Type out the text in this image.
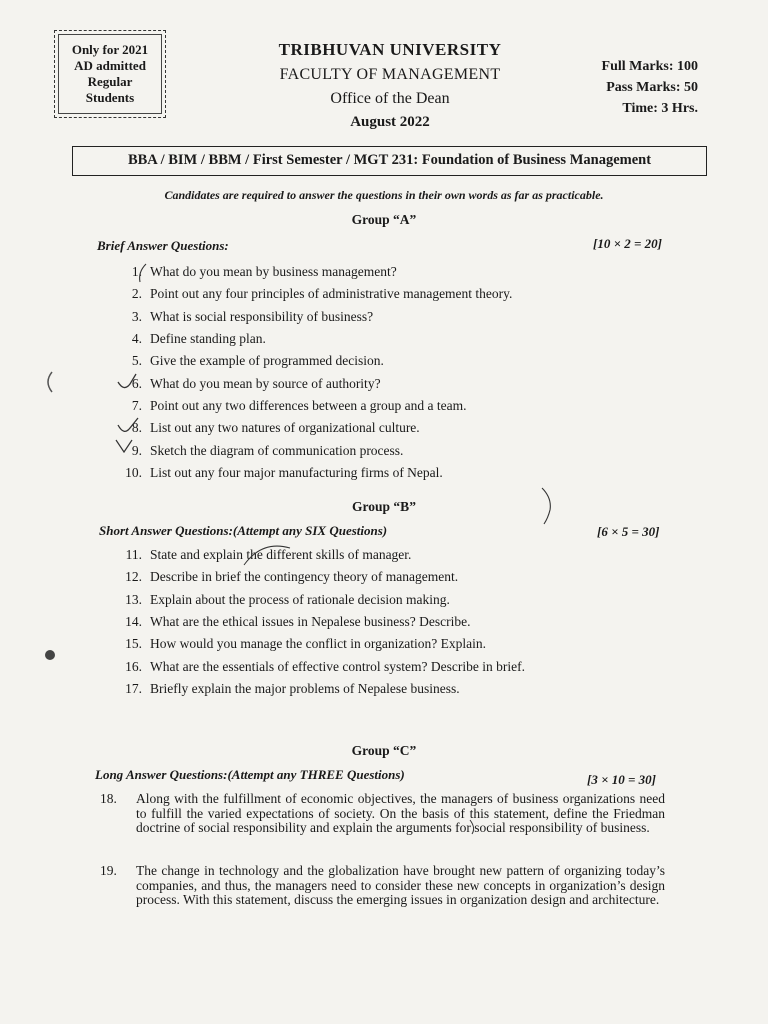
Only for 2021
AD admitted
Regular
Students
TRIBHUVAN UNIVERSITY
FACULTY OF MANAGEMENT
Office of the Dean
August 2022
Full Marks: 100
Pass Marks: 50
Time: 3 Hrs.
BBA / BIM / BBM / First Semester / MGT 231: Foundation of Business Management
Candidates are required to answer the questions in their own words as far as practicable.
Group “A”
Brief Answer Questions:	[10 × 2 = 20]
1. What do you mean by business management?
2. Point out any four principles of administrative management theory.
3. What is social responsibility of business?
4. Define standing plan.
5. Give the example of programmed decision.
6. What do you mean by source of authority?
7. Point out any two differences between a group and a team.
8. List out any two natures of organizational culture.
9. Sketch the diagram of communication process.
10. List out any four major manufacturing firms of Nepal.
Group “B”
Short Answer Questions:(Attempt any SIX Questions)	[6 × 5 = 30]
11. State and explain the different skills of manager.
12. Describe in brief the contingency theory of management.
13. Explain about the process of rationale decision making.
14. What are the ethical issues in Nepalese business? Describe.
15. How would you manage the conflict in organization? Explain.
16. What are the essentials of effective control system? Describe in brief.
17. Briefly explain the major problems of Nepalese business.
Group “C”
Long Answer Questions:(Attempt any THREE Questions)	[3 × 10 = 30]
18.	Along with the fulfillment of economic objectives, the managers of business organizations need to fulfill the varied expectations of society. On the basis of this statement, define the Friedman doctrine of social responsibility and explain the arguments for social responsibility of business.
19.	The change in technology and the globalization have brought new pattern of organizing today’s companies, and thus, the managers need to consider these new concepts in organization’s design process. With this statement, discuss the emerging issues in organization design and architecture.
